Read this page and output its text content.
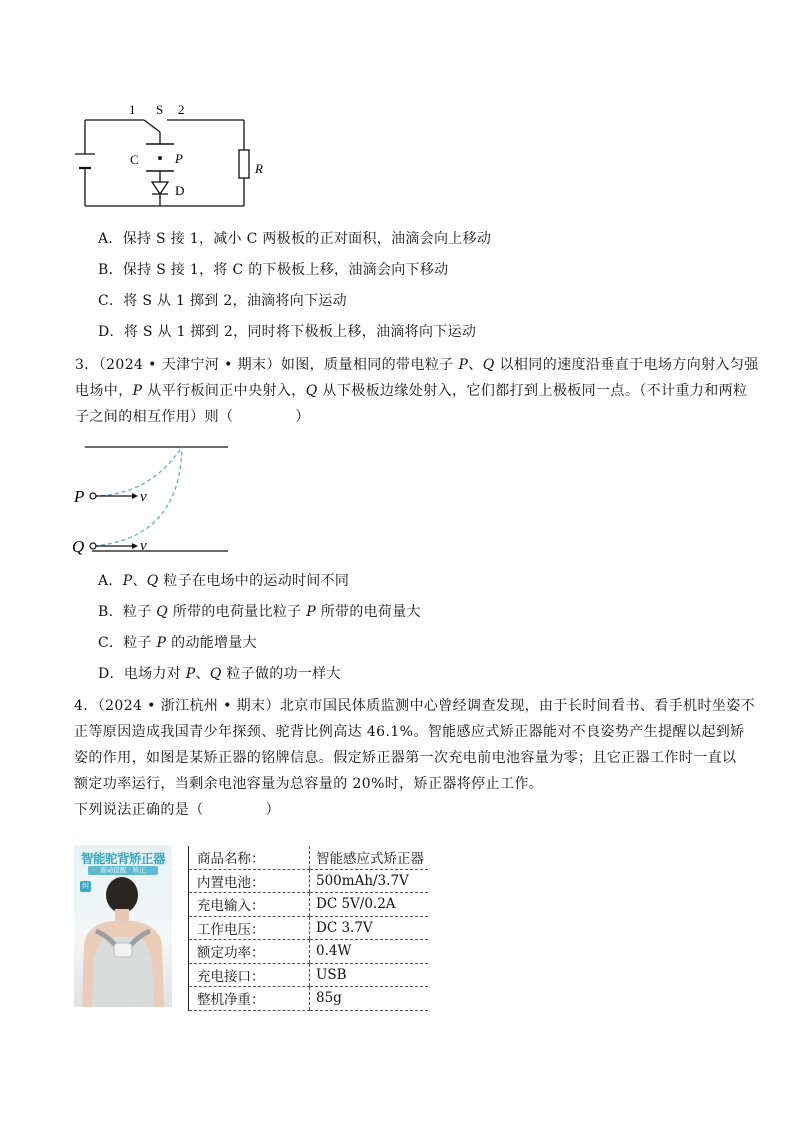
1 S 2
C	P
D
R
A．保持 S 接 1，减小 C 两极板的正对面积，油滴会向上移动
B．保持 S 接 1，将 C 的下极板上移，油滴会向下移动
C．将 S 从 1 掷到 2，油滴将向下运动
D．将 S 从 1 掷到 2，同时将下极板上移，油滴将向下运动
3．（2024 • 天津宁河 • 期末）如图，质量相同的带电粒子 P、Q 以相同的速度沿垂直于电场方向射入匀强
电场中，P 从平行板间正中央射入，Q 从下极板边缘处射入，它们都打到上极板同一点。（不计重力和两粒
子之间的相互作用）则（	）
P
Q
v
v
A．P、Q 粒子在电场中的运动时间不同
B．粒子 Q 所带的电荷量比粒子 P 所带的电荷量大
C．粒子 P 的动能增量大
D．电场力对 P、Q 粒子做的功一样大
4．（2024 • 浙江杭州 • 期末）北京市国民体质监测中心曾经调查发现，由于长时间看书、看手机时坐姿不
正等原因造成我国青少年探颈、驼背比例高达 46.1%。智能感应式矫正器能对不良姿势产生提醒以起到矫
姿的作用，如图是某矫正器的铭牌信息。假定矫正器第一次充电前电池容量为零；且它正器工作时一直以
额定功率运行，当剩余电池容量为总容量的 20%时，矫正器将停止工作。
下列说法正确的是（	）
智能驼背矫正器
震动提醒 · 矫正
纠
商品名称：	智能感应式矫正器
内置电池：	500mAh/3.7V
充电输入：	DC 5V/0.2A
工作电压：	DC 3.7V
额定功率：	0.4W
充电接口：	USB
整机净重：	85g
